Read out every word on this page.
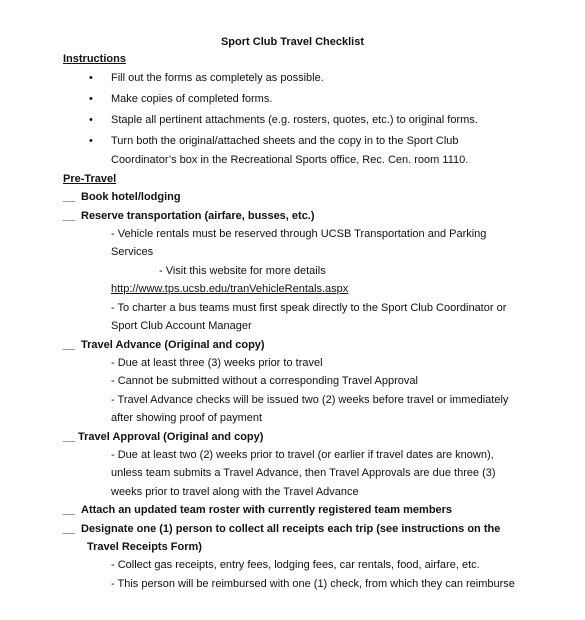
Sport Club Travel Checklist
Instructions
• Fill out the forms as completely as possible.
• Make copies of completed forms.
• Staple all pertinent attachments (e.g. rosters, quotes, etc.) to original forms.
• Turn both the original/attached sheets and the copy in to the Sport Club
Coordinator’s box in the Recreational Sports office, Rec. Cen. room 1110.
Pre-Travel
__ Book hotel/lodging
__ Reserve transportation (airfare, busses, etc.)
- Vehicle rentals must be reserved through UCSB Transportation and Parking
Services
- Visit this website for more details
http://www.tps.ucsb.edu/tranVehicleRentals.aspx
- To charter a bus teams must first speak directly to the Sport Club Coordinator or
Sport Club Account Manager
__ Travel Advance (Original and copy)
- Due at least three (3) weeks prior to travel
- Cannot be submitted without a corresponding Travel Approval
- Travel Advance checks will be issued two (2) weeks before travel or immediately
after showing proof of payment
__ Travel Approval (Original and copy)
- Due at least two (2) weeks prior to travel (or earlier if travel dates are known),
unless team submits a Travel Advance, then Travel Approvals are due three (3)
weeks prior to travel along with the Travel Advance
__ Attach an updated team roster with currently registered team members
__ Designate one (1) person to collect all receipts each trip (see instructions on the
Travel Receipts Form)
- Collect gas receipts, entry fees, lodging fees, car rentals, food, airfare, etc.
- This person will be reimbursed with one (1) check, from which they can reimburse
